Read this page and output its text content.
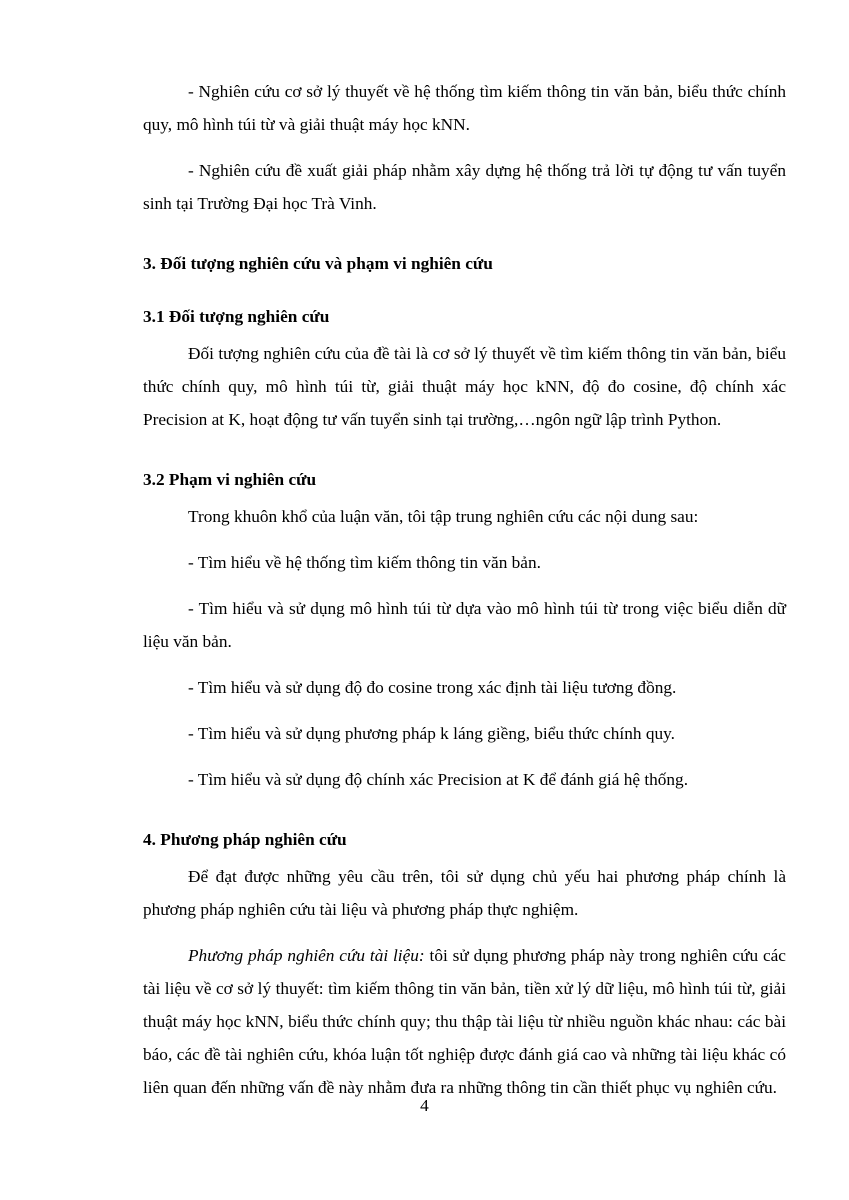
- Nghiên cứu cơ sở lý thuyết về hệ thống tìm kiếm thông tin văn bản, biểu thức chính quy, mô hình túi từ và giải thuật máy học kNN.

- Nghiên cứu đề xuất giải pháp nhằm xây dựng hệ thống trả lời tự động tư vấn tuyển sinh tại Trường Đại học Trà Vinh.

3. Đối tượng nghiên cứu và phạm vi nghiên cứu

3.1 Đối tượng nghiên cứu

Đối tượng nghiên cứu của đề tài là cơ sở lý thuyết về tìm kiếm thông tin văn bản, biểu thức chính quy, mô hình túi từ, giải thuật máy học kNN, độ đo cosine, độ chính xác Precision at K, hoạt động tư vấn tuyển sinh tại trường,…ngôn ngữ lập trình Python.

3.2 Phạm vi nghiên cứu

Trong khuôn khổ của luận văn, tôi tập trung nghiên cứu các nội dung sau:

- Tìm hiểu về hệ thống tìm kiếm thông tin văn bản.

- Tìm hiểu và sử dụng mô hình túi từ dựa vào mô hình túi từ trong việc biểu diễn dữ liệu văn bản.

- Tìm hiểu và sử dụng độ đo cosine trong xác định tài liệu tương đồng.

- Tìm hiểu và sử dụng phương pháp k láng giềng, biểu thức chính quy.

- Tìm hiểu và sử dụng độ chính xác Precision at K để đánh giá hệ thống.

4. Phương pháp nghiên cứu

Để đạt được những yêu cầu trên, tôi sử dụng chủ yếu hai phương pháp chính là phương pháp nghiên cứu tài liệu và phương pháp thực nghiệm.

Phương pháp nghiên cứu tài liệu: tôi sử dụng phương pháp này trong nghiên cứu các tài liệu về cơ sở lý thuyết: tìm kiếm thông tin văn bản, tiền xử lý dữ liệu, mô hình túi từ, giải thuật máy học kNN, biểu thức chính quy; thu thập tài liệu từ nhiều nguồn khác nhau: các bài báo, các đề tài nghiên cứu, khóa luận tốt nghiệp được đánh giá cao và những tài liệu khác có liên quan đến những vấn đề này nhằm đưa ra những thông tin cần thiết phục vụ nghiên cứu.

4
